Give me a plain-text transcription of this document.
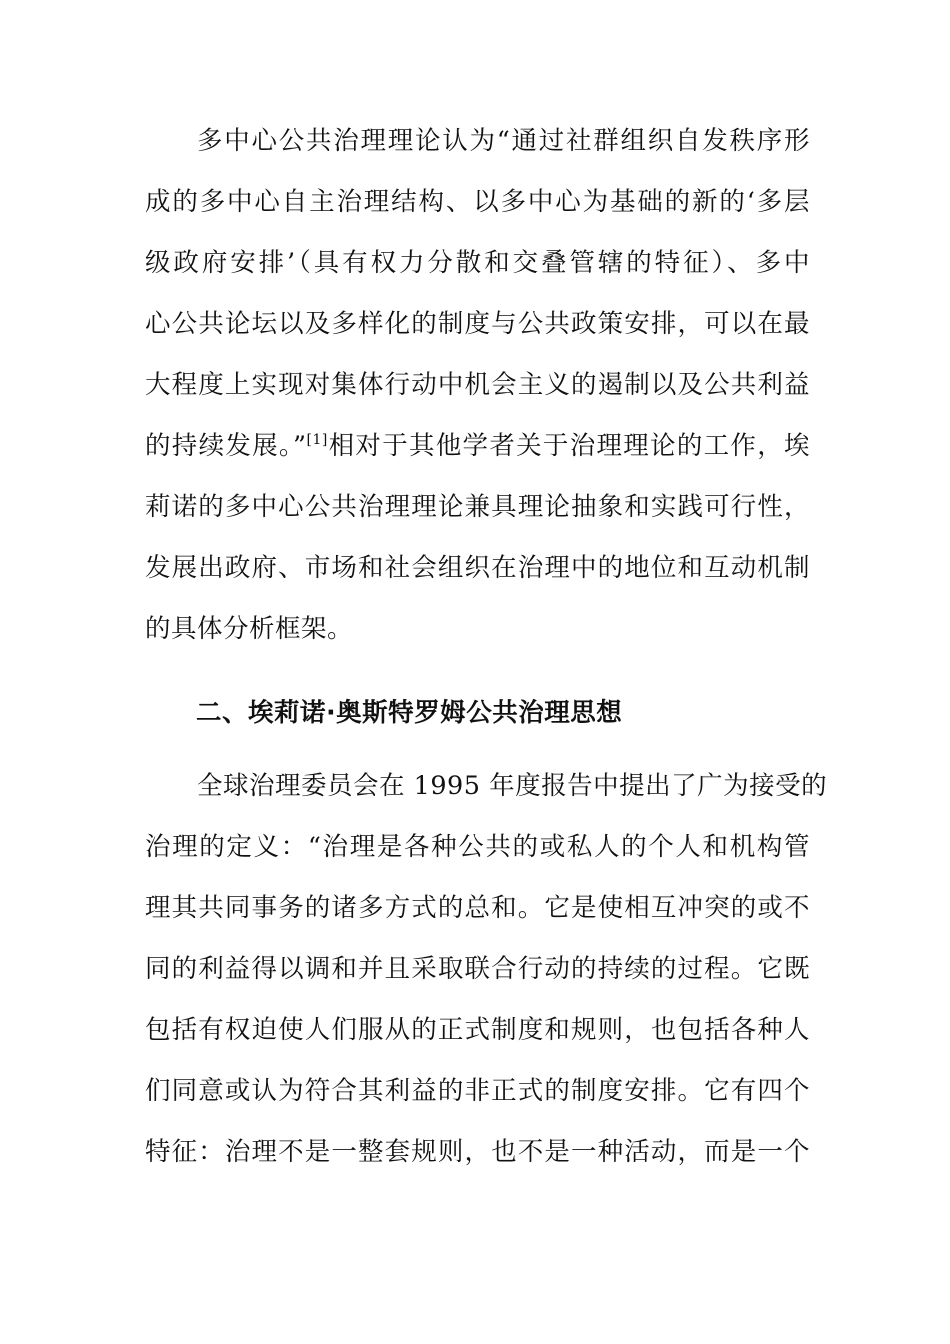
多中心公共治理理论认为“通过社群组织自发秩序形
成的多中心自主治理结构、以多中心为基础的新的‘多层
级政府安排’（具有权力分散和交叠管辖的特征）、多中
心公共论坛以及多样化的制度与公共政策安排，可以在最
大程度上实现对集体行动中机会主义的遏制以及公共利益
的持续发展。”[1]相对于其他学者关于治理理论的工作，埃
莉诺的多中心公共治理理论兼具理论抽象和实践可行性，
发展出政府、市场和社会组织在治理中的地位和互动机制
的具体分析框架。
二、埃莉诺·奥斯特罗姆公共治理思想
全球治理委员会在 1995 年度报告中提出了广为接受的
治理的定义：“治理是各种公共的或私人的个人和机构管
理其共同事务的诸多方式的总和。它是使相互冲突的或不
同的利益得以调和并且采取联合行动的持续的过程。它既
包括有权迫使人们服从的正式制度和规则，也包括各种人
们同意或认为符合其利益的非正式的制度安排。它有四个
特征：治理不是一整套规则，也不是一种活动，而是一个
